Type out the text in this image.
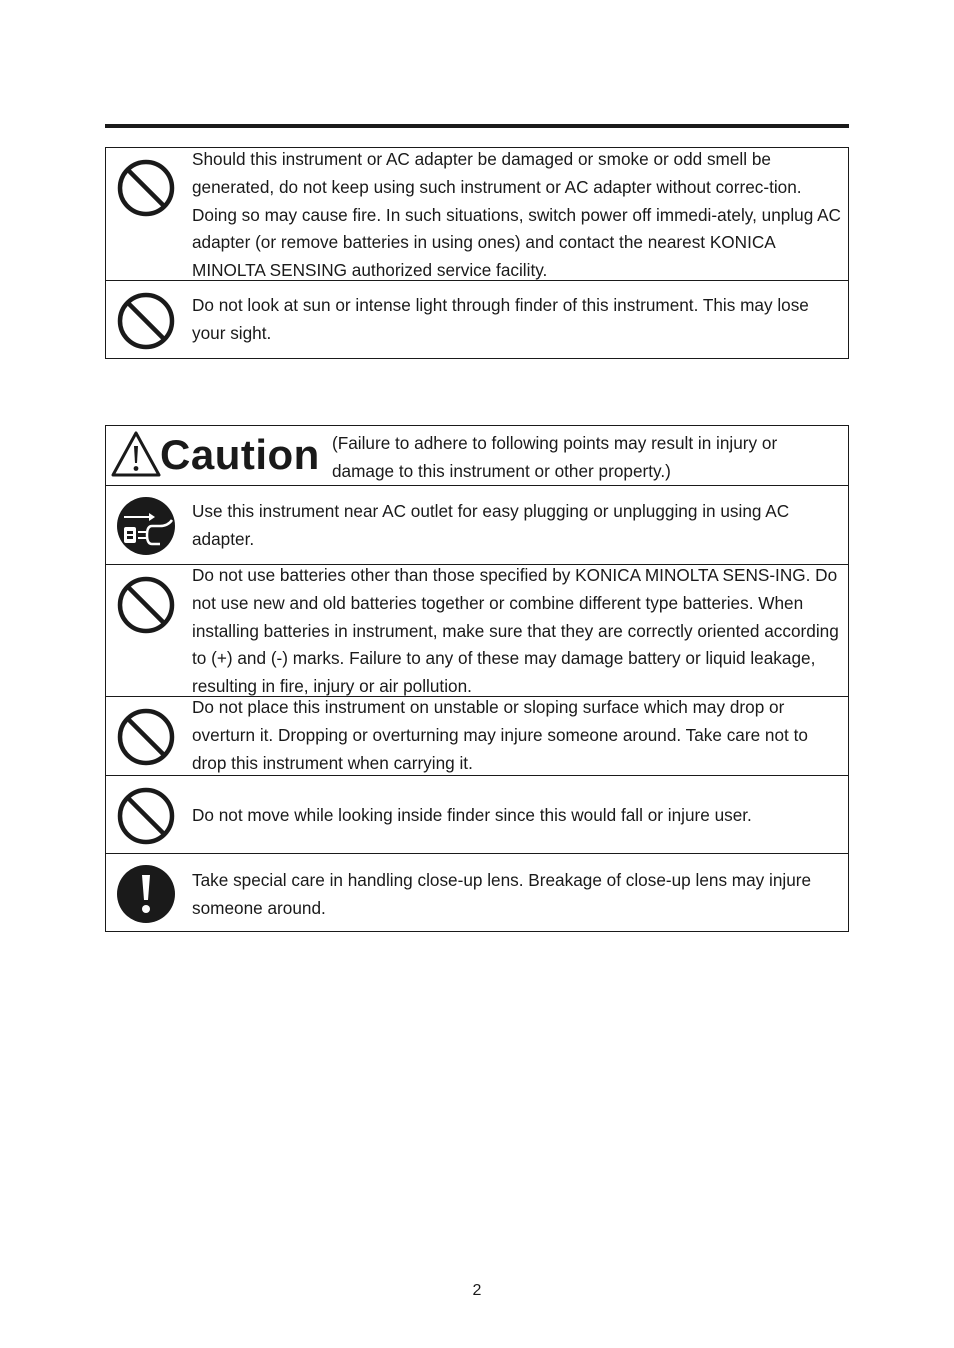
Should this instrument or AC adapter be damaged or smoke or odd smell be generated, do not keep using such instrument or AC adapter without correc-tion. Doing so may cause fire. In such situations, switch power off immedi-ately, unplug AC adapter (or remove batteries in using ones) and contact the nearest KONICA MINOLTA SENSING authorized service facility.
Do not look at sun or intense light through finder of this instrument. This may lose your sight.
Caution (Failure to adhere to following points may result in injury or damage to this instrument or other property.)
Use this instrument near AC outlet for easy plugging or unplugging in using AC adapter.
Do not use batteries other than those specified by KONICA MINOLTA SENS-ING. Do not use new and old batteries together or combine different type batteries. When installing batteries in instrument, make sure that they are correctly oriented according to (+) and (-) marks. Failure to any of these may damage battery or liquid leakage, resulting in fire, injury or air pollution.
Do not place this instrument on unstable or sloping surface which may drop or overturn it. Dropping or overturning may injure someone around. Take care not to drop this instrument when carrying it.
Do not move while looking inside finder since this would fall or injure user.
Take special care in handling close-up lens. Breakage of close-up lens may injure someone around.
2
